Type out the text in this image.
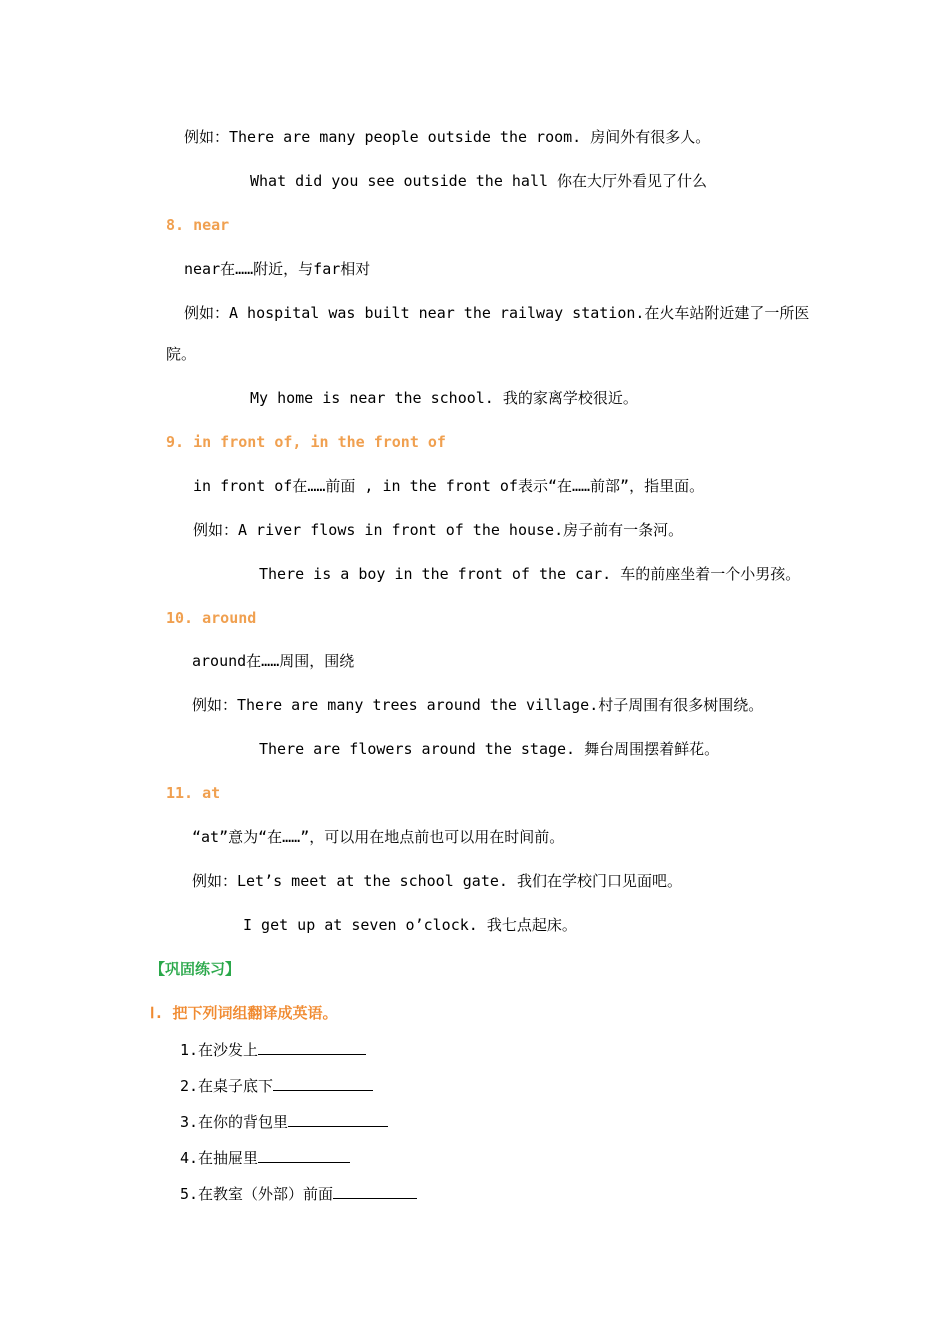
例如：There are many people outside the room. 房间外有很多人。
What did you see outside the hall 你在大厅外看见了什么
8. near
near在……附近，与far相对
例如：A hospital was built near the railway station.在火车站附近建了一所医
院。
My home is near the school. 我的家离学校很近。
9. in front of, in the front of
in front of在……前面 , in the front of表示“在……前部”，指里面。
例如：A river flows in front of the house.房子前有一条河。
There is a boy in the front of the car. 车的前座坐着一个小男孩。
10. around
around在……周围，围绕
例如：There are many trees around the village.村子周围有很多树围绕。
There are flowers around the stage. 舞台周围摆着鲜花。
11. at
“at”意为“在……”，可以用在地点前也可以用在时间前。
例如：Let’s meet at the school gate. 我们在学校门口见面吧。
I get up at seven o’clock. 我七点起床。
【巩固练习】
Ⅰ. 把下列词组翻译成英语。
1.在沙发上
2.在桌子底下
3.在你的背包里
4.在抽屉里
5.在教室（外部）前面
